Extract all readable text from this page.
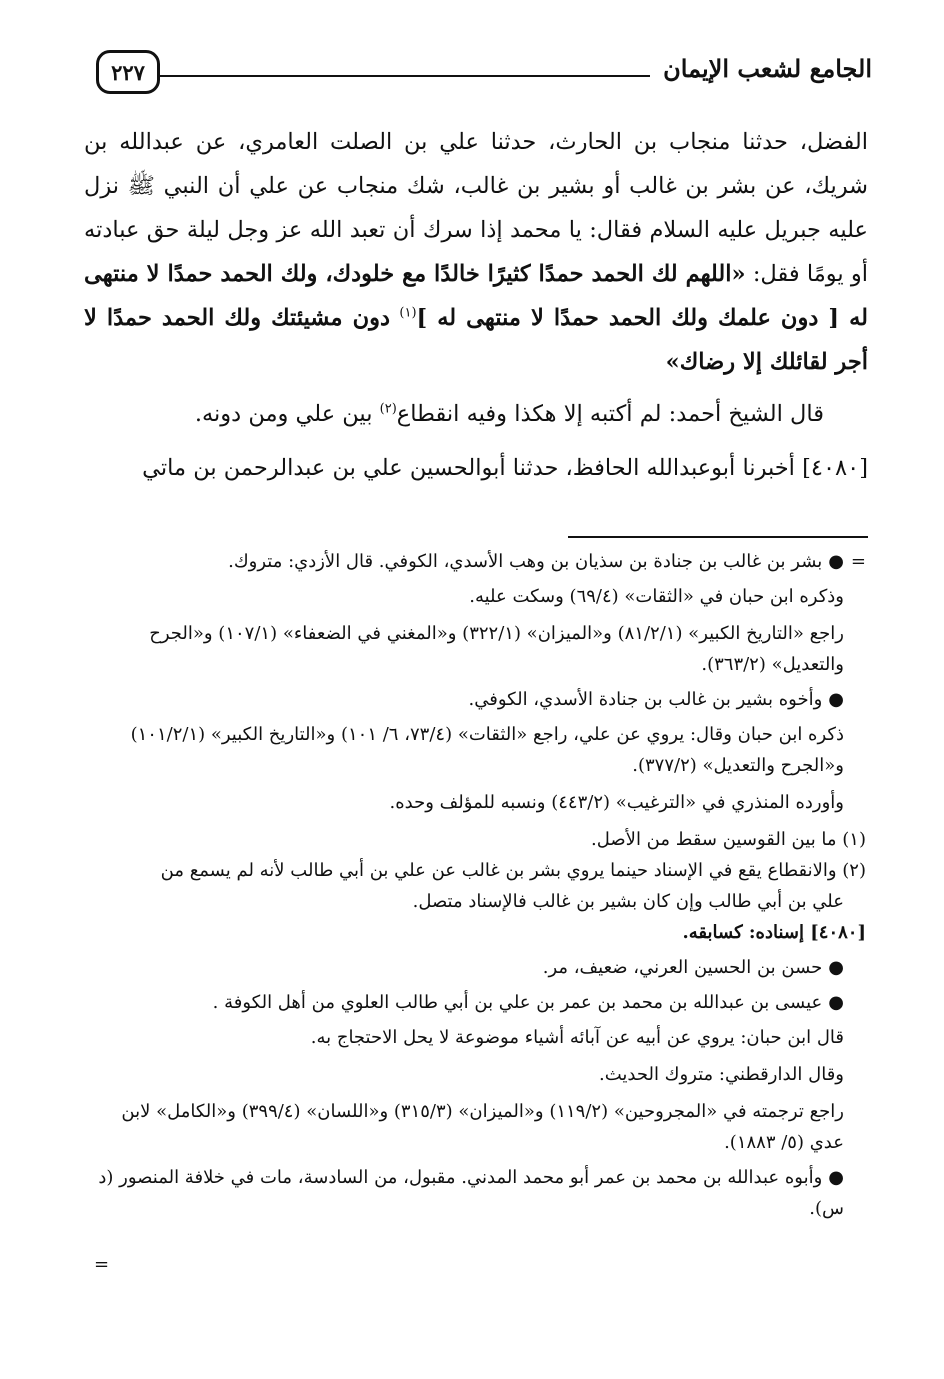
الجامع لشعب الإيمان
٢٢٧

الفضل، حدثنا منجاب بن الحارث، حدثنا علي بن الصلت العامري، عن عبدالله بن شريك، عن بشر بن غالب أو بشير بن غالب، شك منجاب عن علي أن النبي ﷺ نزل عليه جبريل عليه السلام فقال: يا محمد إذا سرك أن تعبد الله عز وجل ليلة حق عبادته أو يومًا فقل: «اللهم لك الحمد حمدًا كثيرًا خالدًا مع خلودك، ولك الحمد حمدًا لا منتهى له [ دون علمك ولك الحمد حمدًا لا منتهى له ]$^{(١)}$ دون مشيئتك ولك الحمد حمدًا لا أجر لقائلك إلا رضاك»

قال الشيخ أحمد: لم أكتبه إلا هكذا وفيه انقطاع$^{(٢)}$ بين علي ومن دونه.

[٤٠٨٠] أخبرنا أبوعبدالله الحافظ، حدثنا أبوالحسين علي بن عبدالرحمن بن ماتي

=
●بشر بن غالب بن جنادة بن سذيان بن وهب الأسدي، الكوفي. قال الأزدي: متروك.

وذكره ابن حبان في «الثقات» (٦٩/٤) وسكت عليه.

راجع «التاريخ الكبير» (٨١/٢/١) و«الميزان» (٣٢٢/١) و«المغني في الضعفاء» (١٠٧/١) و«الجرح والتعديل» (٣٦٣/٢).

●وأخوه بشير بن غالب بن جنادة الأسدي، الكوفي.

ذكره ابن حبان وقال: يروي عن علي، راجع «الثقات» (٧٣/٤، ٦/ ١٠١) و«التاريخ الكبير» (١٠١/٢/١) و«الجرح والتعديل» (٣٧٧/٢).

وأورده المنذري في «الترغيب» (٤٤٣/٢) ونسبه للمؤلف وحده.

(١) ما بين القوسين سقط من الأصل.

(٢) والانقطاع يقع في الإسناد حينما يروي بشر بن غالب عن علي بن أبي طالب لأنه لم يسمع من
علي بن أبي طالب وإن كان بشير بن غالب فالإسناد متصل.

[٤٠٨٠] إسناده: كسابقه.

●حسن بن الحسين العرني، ضعيف، مر.

●عيسى بن عبدالله بن محمد بن عمر بن علي بن أبي طالب العلوي من أهل الكوفة .

قال ابن حبان: يروي عن أبيه عن آبائه أشياء موضوعة لا يحل الاحتجاج به.

وقال الدارقطني: متروك الحديث.

راجع ترجمته في «المجروحين» (١١٩/٢) و«الميزان» (٣١٥/٣) و«اللسان» (٣٩٩/٤) و«الكامل» لابن عدي (٥/ ١٨٨٣).

●وأبوه عبدالله بن محمد بن عمر أبو محمد المدني. مقبول، من السادسة، مات في خلافة المنصور (د س).

=
